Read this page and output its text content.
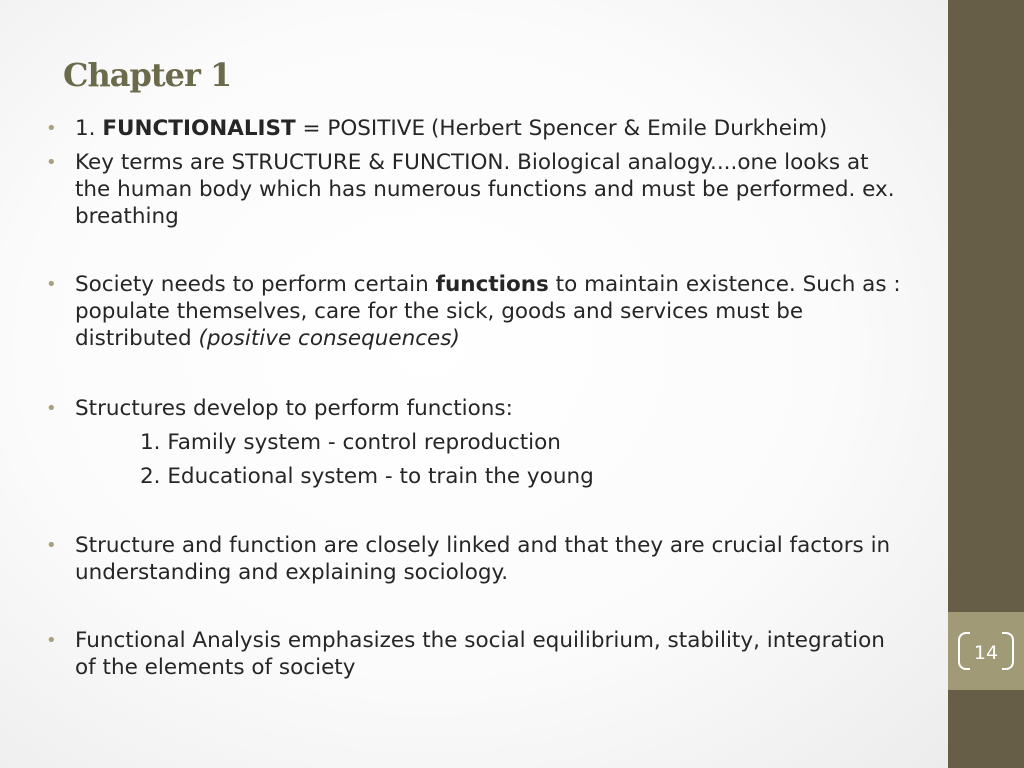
14
Chapter 1

• 1. FUNCTIONALIST = POSITIVE (Herbert Spencer & Emile Durkheim)

• Key terms are STRUCTURE & FUNCTION. Biological analogy....one looks at the human body which has numerous functions and must be performed. ex. breathing

• Society needs to perform certain functions to maintain existence. Such as : populate themselves, care for the sick, goods and services must be distributed (positive consequences)

• Structures develop to perform functions:

1. Family system - control reproduction

2. Educational system - to train the young

• Structure and function are closely linked and that they are crucial factors in understanding and explaining sociology.

• Functional Analysis emphasizes the social equilibrium, stability, integration of the elements of society
